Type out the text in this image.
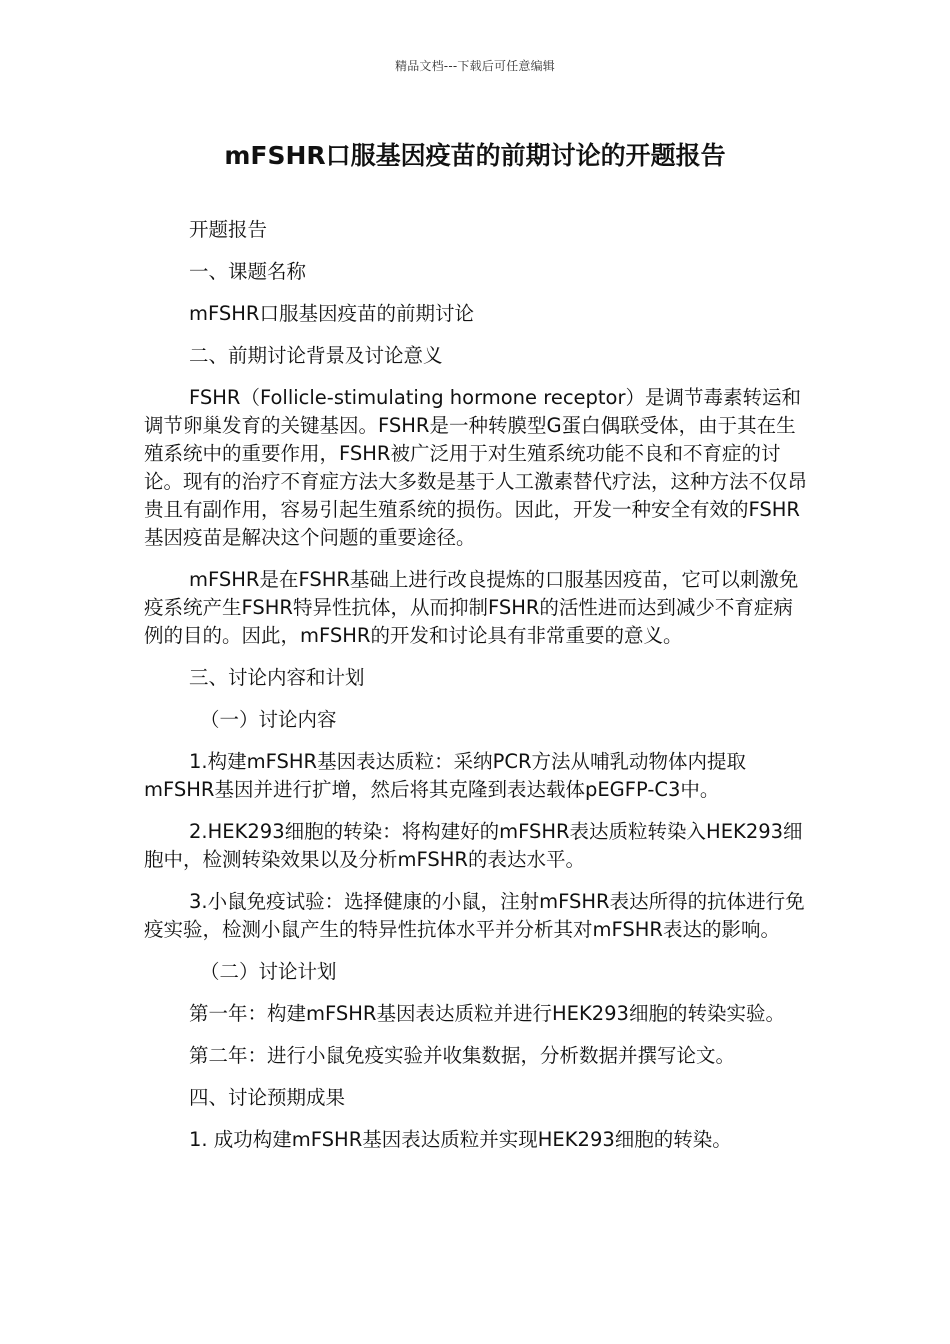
精品文档---下载后可任意编辑
mFSHR口服基因疫苗的前期讨论的开题报告

开题报告

一、课题名称

mFSHR口服基因疫苗的前期讨论

二、前期讨论背景及讨论意义

FSHR（Follicle-stimulating hormone receptor）是调节毒素转运和调节卵巢发育的关键基因。FSHR是一种转膜型G蛋白偶联受体，由于其在生殖系统中的重要作用，FSHR被广泛用于对生殖系统功能不良和不育症的讨论。现有的治疗不育症方法大多数是基于人工激素替代疗法，这种方法不仅昂贵且有副作用，容易引起生殖系统的损伤。因此，开发一种安全有效的FSHR基因疫苗是解决这个问题的重要途径。

mFSHR是在FSHR基础上进行改良提炼的口服基因疫苗，它可以刺激免疫系统产生FSHR特异性抗体，从而抑制FSHR的活性进而达到减少不育症病例的目的。因此，mFSHR的开发和讨论具有非常重要的意义。

三、讨论内容和计划

（一）讨论内容

1.构建mFSHR基因表达质粒：采纳PCR方法从哺乳动物体内提取mFSHR基因并进行扩增，然后将其克隆到表达载体pEGFP-C3中。

2.HEK293细胞的转染：将构建好的mFSHR表达质粒转染入HEK293细胞中，检测转染效果以及分析mFSHR的表达水平。

3.小鼠免疫试验：选择健康的小鼠，注射mFSHR表达所得的抗体进行免疫实验，检测小鼠产生的特异性抗体水平并分析其对mFSHR表达的影响。

（二）讨论计划

第一年：构建mFSHR基因表达质粒并进行HEK293细胞的转染实验。

第二年：进行小鼠免疫实验并收集数据，分析数据并撰写论文。

四、讨论预期成果

1. 成功构建mFSHR基因表达质粒并实现HEK293细胞的转染。
